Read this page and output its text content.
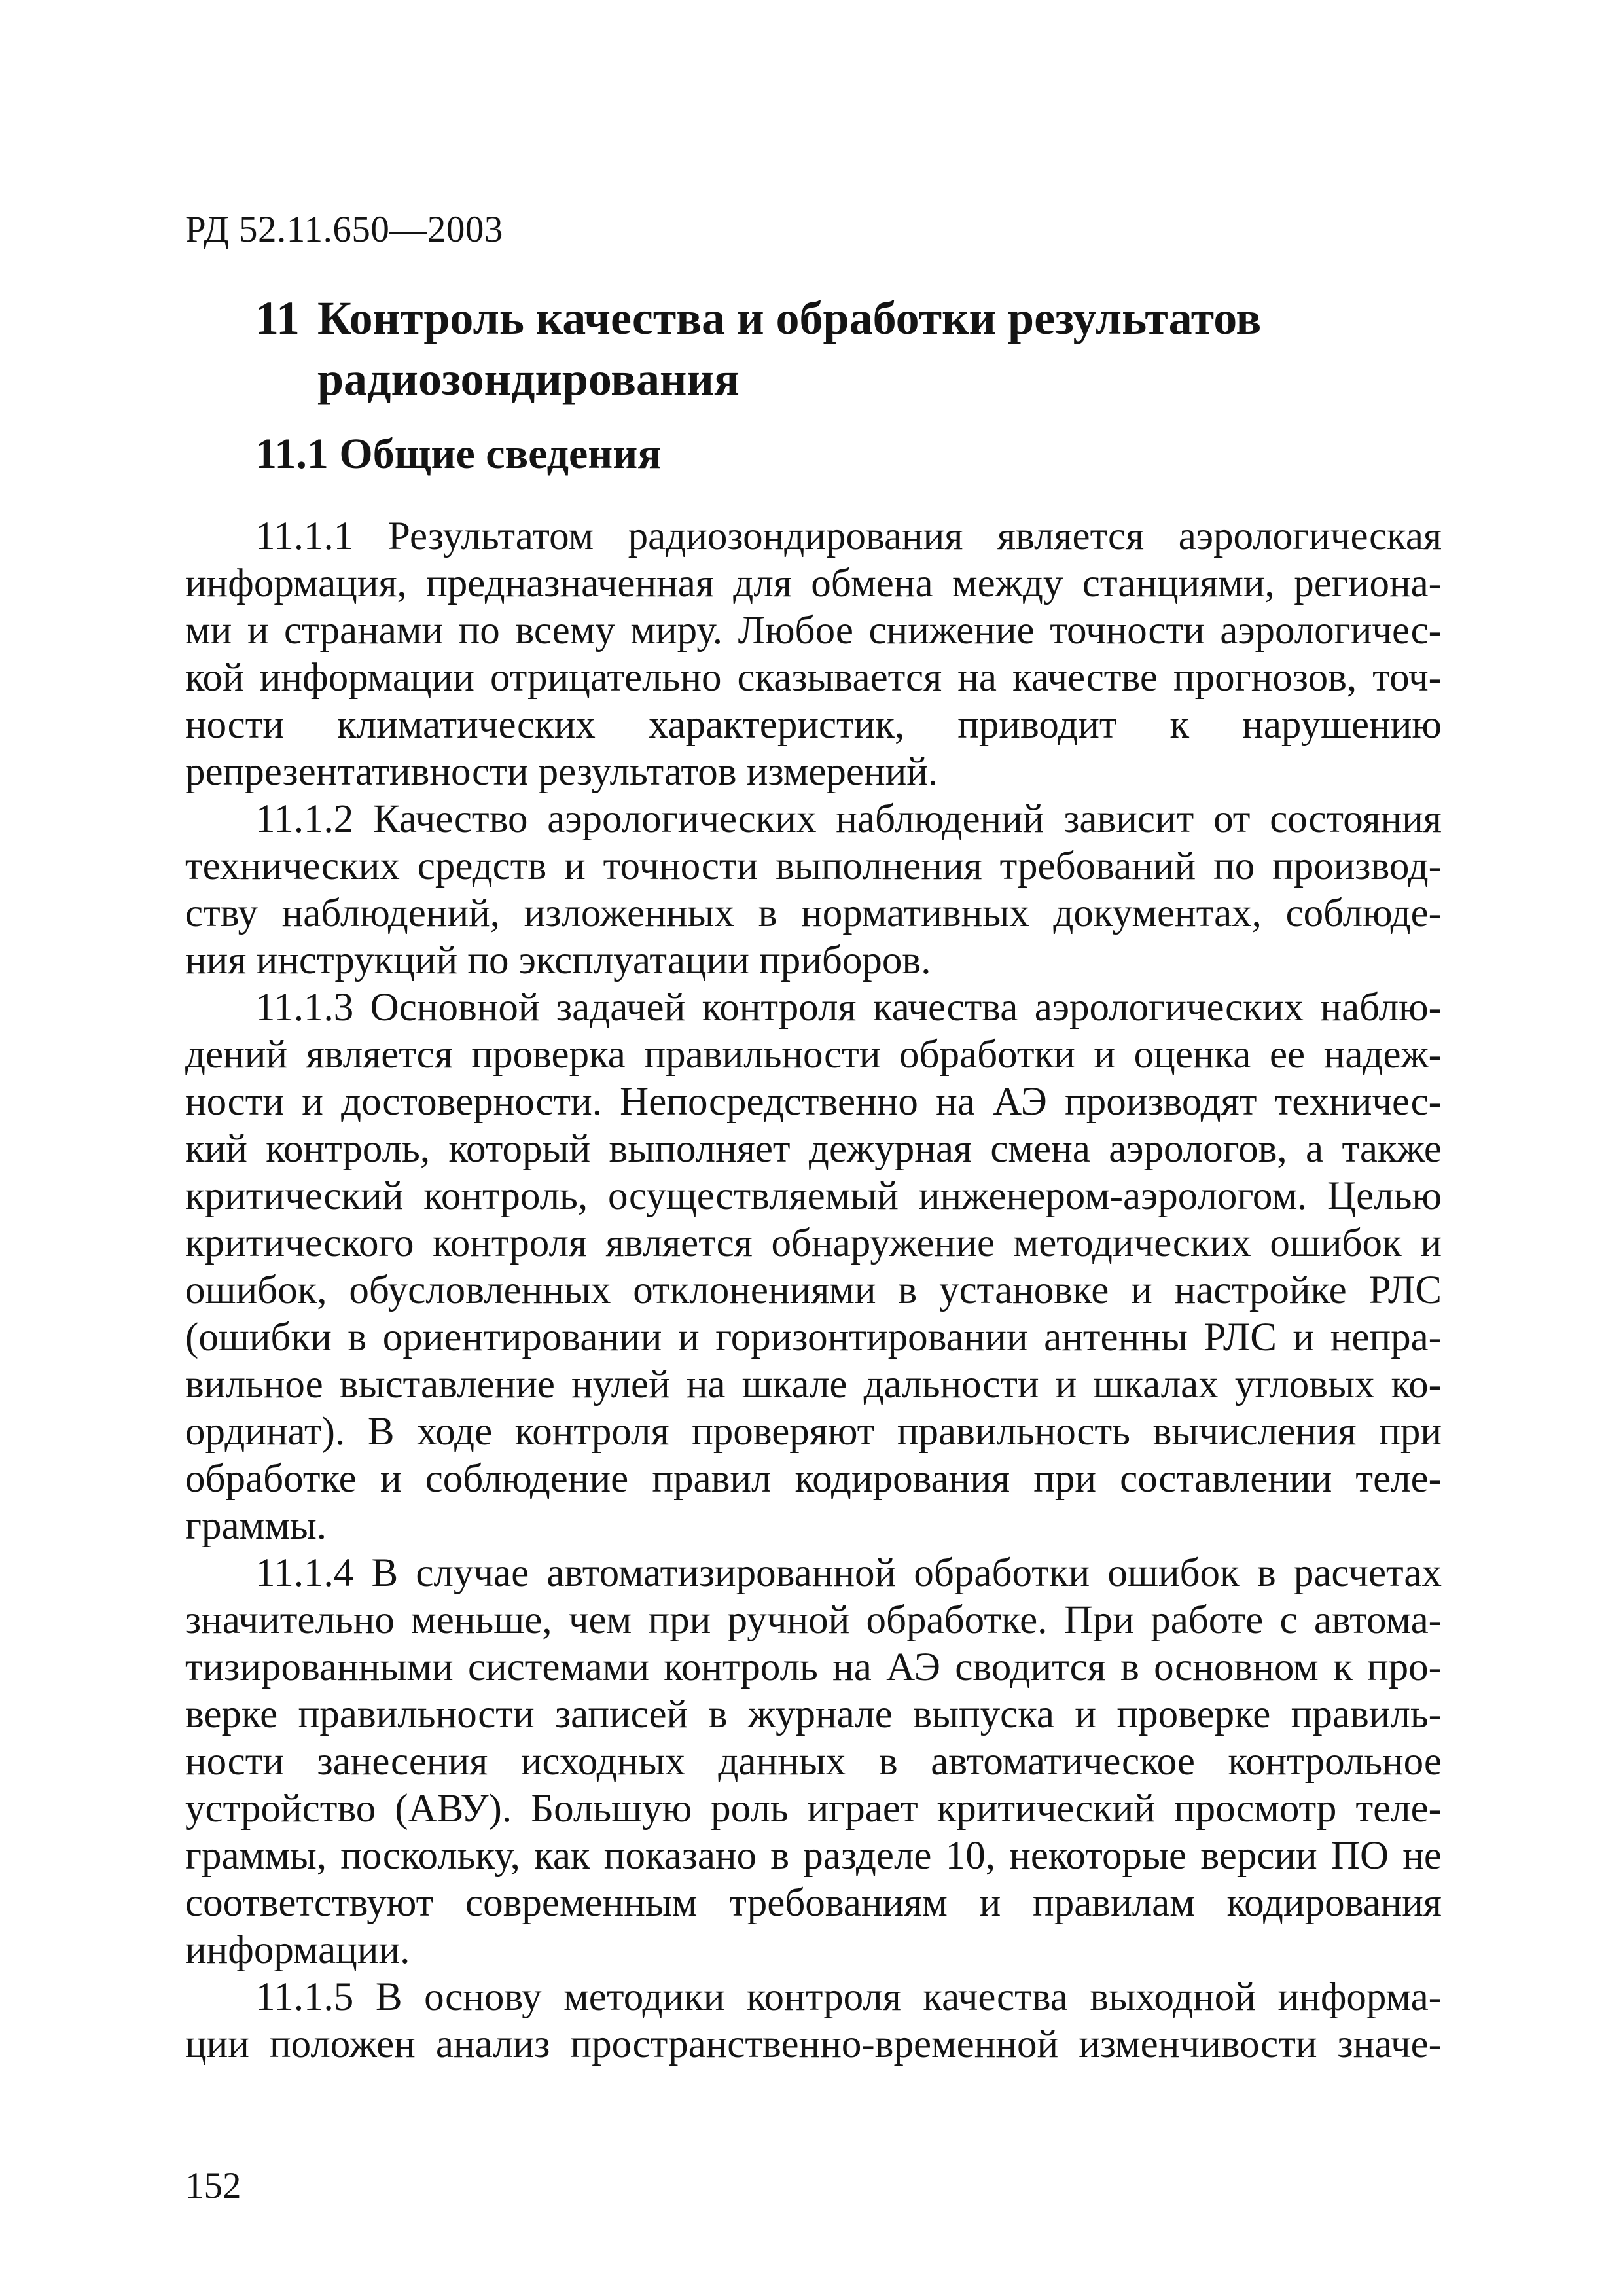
РД 52.11.650—2003
11 Контроль качества и обработки результатов
радиозондирования
11.1 Общие сведения
11.1.1 Результатом радиозондирования является аэрологическая
информация, предназначенная для обмена между станциями, региона-
ми и странами по всему миру. Любое снижение точности аэрологичес-
кой информации отрицательно сказывается на качестве прогнозов, точ-
ности климатических характеристик, приводит к нарушению
репрезентативности результатов измерений.
11.1.2 Качество аэрологических наблюдений зависит от состояния
технических средств и точности выполнения требований по производ-
ству наблюдений, изложенных в нормативных документах, соблюде-
ния инструкций по эксплуатации приборов.
11.1.3 Основной задачей контроля качества аэрологических наблю-
дений является проверка правильности обработки и оценка ее надеж-
ности и достоверности. Непосредственно на АЭ производят техничес-
кий контроль, который выполняет дежурная смена аэрологов, а также
критический контроль, осуществляемый инженером-аэрологом. Целью
критического контроля является обнаружение методических ошибок и
ошибок, обусловленных отклонениями в установке и настройке РЛС
(ошибки в ориентировании и горизонтировании антенны РЛС и непра-
вильное выставление нулей на шкале дальности и шкалах угловых ко-
ординат). В ходе контроля проверяют правильность вычисления при
обработке и соблюдение правил кодирования при составлении теле-
граммы.
11.1.4 В случае автоматизированной обработки ошибок в расчетах
значительно меньше, чем при ручной обработке. При работе с автома-
тизированными системами контроль на АЭ сводится в основном к про-
верке правильности записей в журнале выпуска и проверке правиль-
ности занесения исходных данных в автоматическое контрольное
устройство (АВУ). Большую роль играет критический просмотр теле-
граммы, поскольку, как показано в разделе 10, некоторые версии ПО не
соответствуют современным требованиям и правилам кодирования
информации.
11.1.5 В основу методики контроля качества выходной информа-
ции положен анализ пространственно-временной изменчивости значе-
152
